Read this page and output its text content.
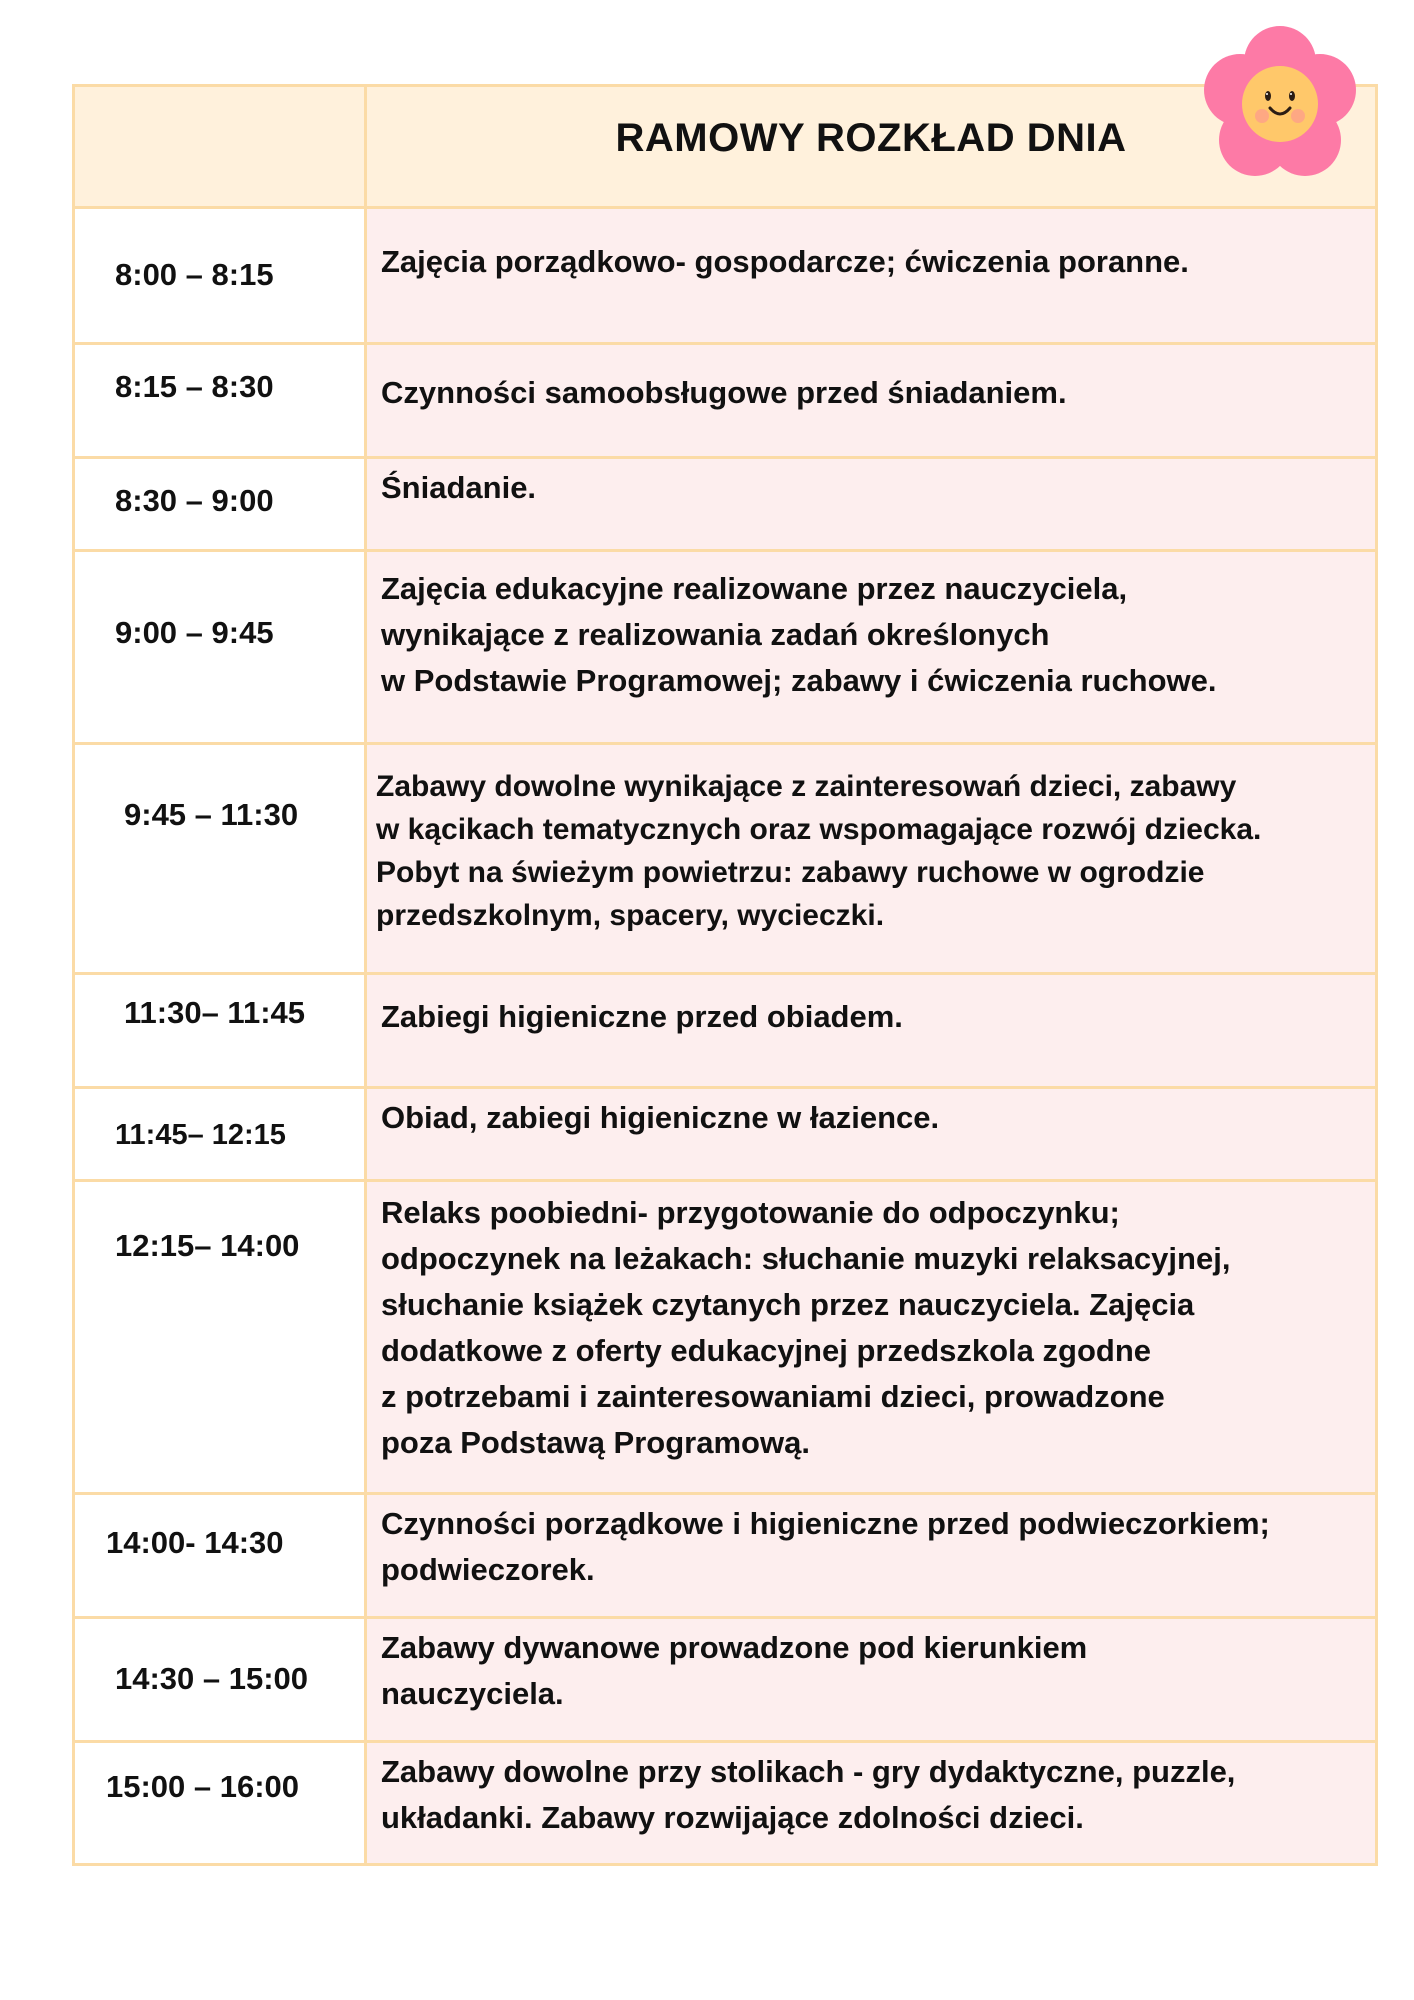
RAMOWY ROZKŁAD DNIA
8:00 – 8:15	Zajęcia porządkowo- gospodarcze; ćwiczenia poranne.
8:15 – 8:30	Czynności samoobsługowe przed śniadaniem.
8:30 – 9:00	Śniadanie.
9:00 – 9:45
Zajęcia edukacyjne realizowane przez nauczyciela,
wynikające z realizowania zadań określonych
w Podstawie Programowej; zabawy i ćwiczenia ruchowe.
9:45 – 11:30
Zabawy dowolne wynikające z zainteresowań dzieci, zabawy
w kącikach tematycznych oraz wspomagające rozwój dziecka.
Pobyt na świeżym powietrzu: zabawy ruchowe w ogrodzie
przedszkolnym, spacery, wycieczki.
11:30– 11:45 Zabiegi higieniczne przed obiadem.
11:45– 12:15	Obiad, zabiegi higieniczne w łazience.
12:15– 14:00
Relaks poobiedni- przygotowanie do odpoczynku;
odpoczynek na leżakach: słuchanie muzyki relaksacyjnej,
słuchanie książek czytanych przez nauczyciela. Zajęcia
dodatkowe z oferty edukacyjnej przedszkola zgodne
z potrzebami i zainteresowaniami dzieci, prowadzone
poza Podstawą Programową.
14:00- 14:30
Czynności porządkowe i higieniczne przed podwieczorkiem;
podwieczorek.
14:30 – 15:00
Zabawy dywanowe prowadzone pod kierunkiem
nauczyciela.
15:00 – 16:00	Zabawy dowolne przy stolikach - gry dydaktyczne, puzzle,
układanki. Zabawy rozwijające zdolności dzieci.
